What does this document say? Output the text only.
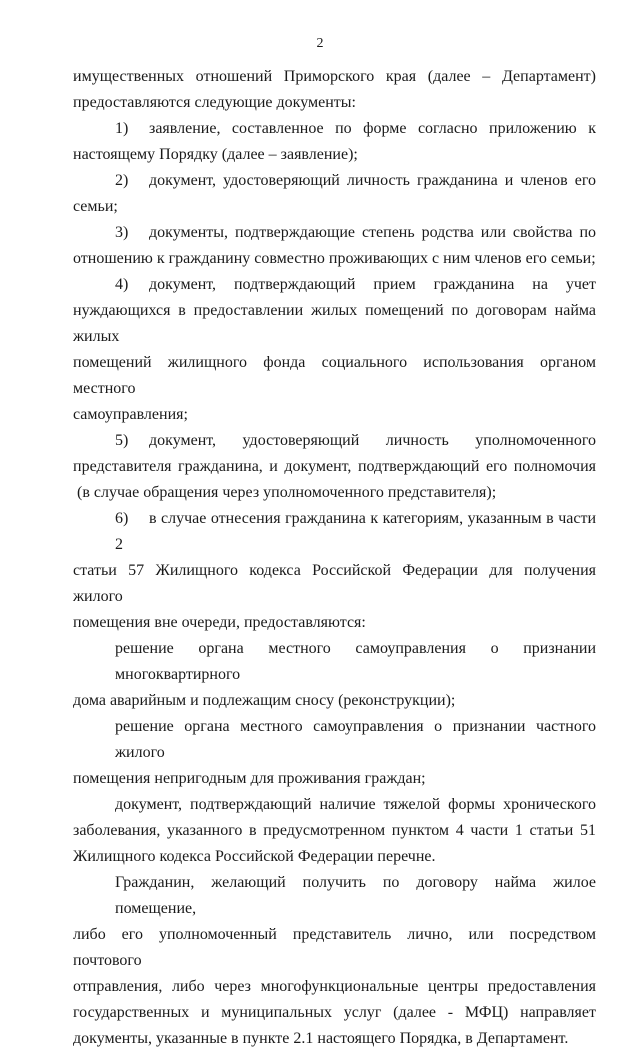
2
имущественных отношений Приморского края (далее – Департамент)
предоставляются следующие документы:
1) заявление, составленное по форме согласно приложению к
настоящему Порядку (далее – заявление);
2) документ, удостоверяющий личность гражданина и членов его
семьи;
3) документы, подтверждающие степень родства или свойства по
отношению к гражданину совместно проживающих с ним членов его семьи;
4) документ, подтверждающий прием гражданина на учет
нуждающихся в предоставлении жилых помещений по договорам найма жилых
помещений жилищного фонда социального использования органом местного
самоуправления;
5) документ, удостоверяющий личность уполномоченного
представителя гражданина, и документ, подтверждающий его полномочия
(в случае обращения через уполномоченного представителя);
6) в случае отнесения гражданина к категориям, указанным в части 2
статьи 57 Жилищного кодекса Российской Федерации для получения жилого
помещения вне очереди, предоставляются:
решение органа местного самоуправления о признании многоквартирного
дома аварийным и подлежащим сносу (реконструкции);
решение органа местного самоуправления о признании частного жилого
помещения непригодным для проживания граждан;
документ, подтверждающий наличие тяжелой формы хронического
заболевания, указанного в предусмотренном пунктом 4 части 1 статьи 51
Жилищного кодекса Российской Федерации перечне.
Гражданин, желающий получить по договору найма жилое помещение,
либо его уполномоченный представитель лично, или посредством почтового
отправления, либо через многофункциональные центры предоставления
государственных и муниципальных услуг (далее - МФЦ) направляет
документы, указанные в пункте 2.1 настоящего Порядка, в Департамент.
